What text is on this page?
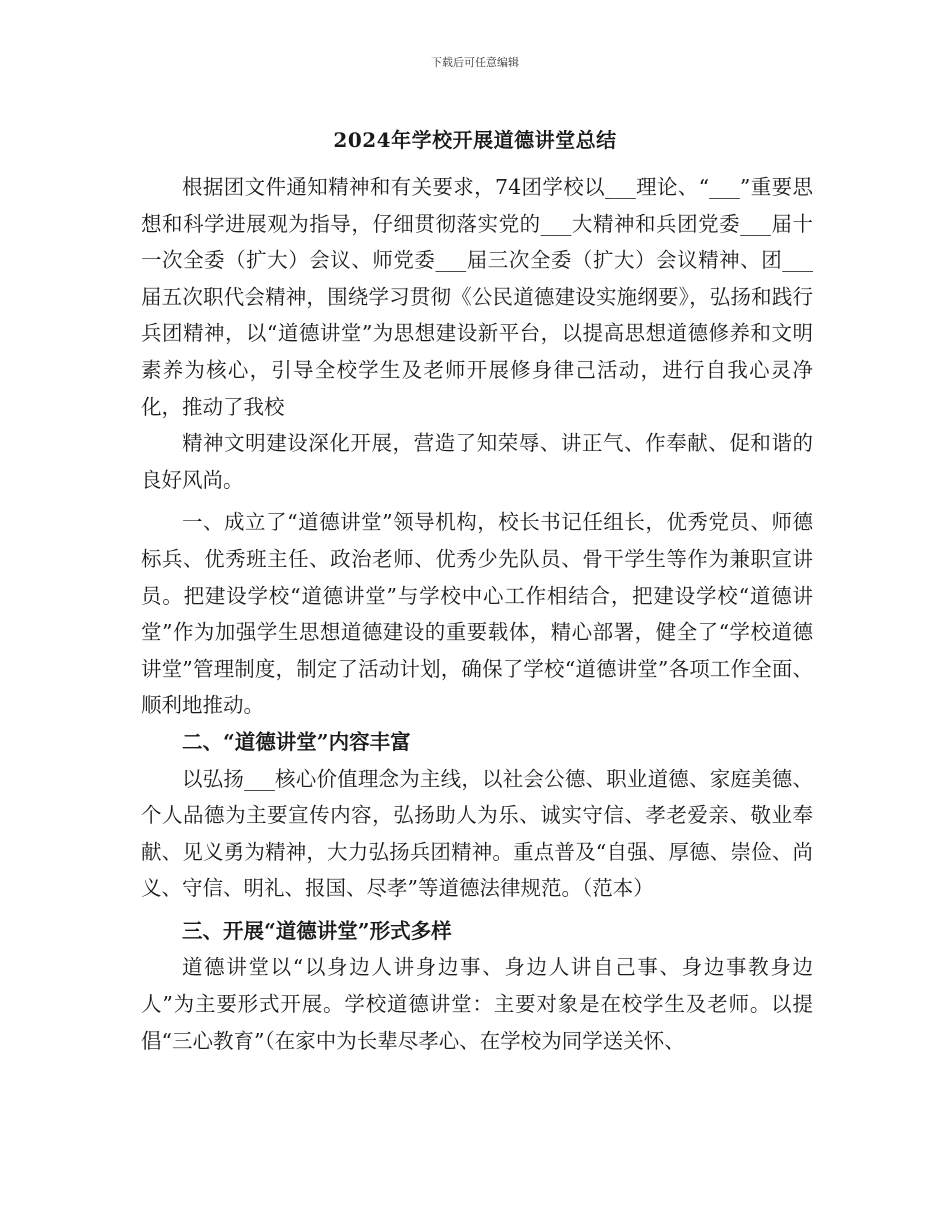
下载后可任意编辑
2024年学校开展道德讲堂总结

根据团文件通知精神和有关要求，74团学校以___理论、“___”重要思想和科学进展观为指导，仔细贯彻落实党的___大精神和兵团党委___届十一次全委（扩大）会议、师党委___届三次全委（扩大）会议精神、团___届五次职代会精神，围绕学习贯彻《公民道德建设实施纲要》，弘扬和践行兵团精神，以“道德讲堂”为思想建设新平台，以提高思想道德修养和文明素养为核心，引导全校学生及老师开展修身律己活动，进行自我心灵净化，推动了我校

精神文明建设深化开展，营造了知荣辱、讲正气、作奉献、促和谐的良好风尚。

一、成立了“道德讲堂”领导机构，校长书记任组长，优秀党员、师德标兵、优秀班主任、政治老师、优秀少先队员、骨干学生等作为兼职宣讲员。把建设学校“道德讲堂”与学校中心工作相结合，把建设学校“道德讲堂”作为加强学生思想道德建设的重要载体，精心部署，健全了“学校道德讲堂”管理制度，制定了活动计划，确保了学校“道德讲堂”各项工作全面、顺利地推动。

二、“道德讲堂”内容丰富

以弘扬___核心价值理念为主线，以社会公德、职业道德、家庭美德、个人品德为主要宣传内容，弘扬助人为乐、诚实守信、孝老爱亲、敬业奉献、见义勇为精神，大力弘扬兵团精神。重点普及“自强、厚德、崇俭、尚义、守信、明礼、报国、尽孝”等道德法律规范。（范本）

三、开展“道德讲堂”形式多样

道德讲堂以“以身边人讲身边事、身边人讲自己事、身边事教身边人”为主要形式开展。学校道德讲堂：主要对象是在校学生及老师。以提倡“三心教育”（在家中为长辈尽孝心、在学校为同学送关怀、
